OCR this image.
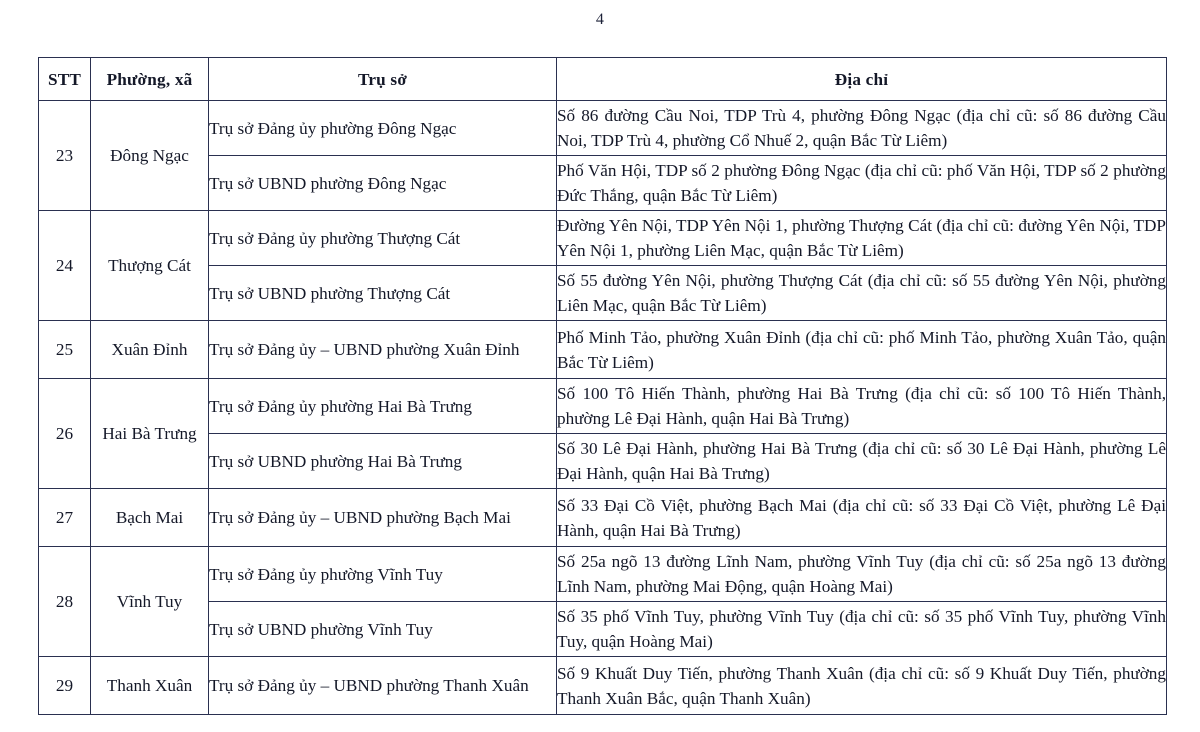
4
STT	Phường, xã	Trụ sở	Địa chỉ
23	Đông Ngạc	Trụ sở Đảng ủy phường Đông Ngạc	Số 86 đường Cầu Noi, TDP Trù 4, phường Đông Ngạc (địa chỉ cũ: số 86 đường Cầu Noi, TDP Trù 4, phường Cổ Nhuế 2, quận Bắc Từ Liêm)
		Trụ sở UBND phường Đông Ngạc	Phố Văn Hội, TDP số 2 phường Đông Ngạc (địa chỉ cũ: phố Văn Hội, TDP số 2 phường Đức Thắng, quận Bắc Từ Liêm)
24	Thượng Cát	Trụ sở Đảng ủy phường Thượng Cát	Đường Yên Nội, TDP Yên Nội 1, phường Thượng Cát (địa chỉ cũ: đường Yên Nội, TDP Yên Nội 1, phường Liên Mạc, quận Bắc Từ Liêm)
		Trụ sở UBND phường Thượng Cát	Số 55 đường Yên Nội, phường Thượng Cát (địa chỉ cũ: số 55 đường Yên Nội, phường Liên Mạc, quận Bắc Từ Liêm)
25	Xuân Đỉnh	Trụ sở Đảng ủy – UBND phường Xuân Đỉnh	Phố Minh Tảo, phường Xuân Đỉnh (địa chỉ cũ: phố Minh Tảo, phường Xuân Tảo, quận Bắc Từ Liêm)
26	Hai Bà Trưng	Trụ sở Đảng ủy phường Hai Bà Trưng	Số 100 Tô Hiến Thành, phường Hai Bà Trưng (địa chỉ cũ: số 100 Tô Hiến Thành, phường Lê Đại Hành, quận Hai Bà Trưng)
		Trụ sở UBND phường Hai Bà Trưng	Số 30 Lê Đại Hành, phường Hai Bà Trưng (địa chỉ cũ: số 30 Lê Đại Hành, phường Lê Đại Hành, quận Hai Bà Trưng)
27	Bạch Mai	Trụ sở Đảng ủy – UBND phường Bạch Mai	Số 33 Đại Cồ Việt, phường Bạch Mai (địa chỉ cũ: số 33 Đại Cồ Việt, phường Lê Đại Hành, quận Hai Bà Trưng)
28	Vĩnh Tuy	Trụ sở Đảng ủy phường Vĩnh Tuy	Số 25a ngõ 13 đường Lĩnh Nam, phường Vĩnh Tuy (địa chỉ cũ: số 25a ngõ 13 đường Lĩnh Nam, phường Mai Động, quận Hoàng Mai)
		Trụ sở UBND phường Vĩnh Tuy	Số 35 phố Vĩnh Tuy, phường Vĩnh Tuy (địa chỉ cũ: số 35 phố Vĩnh Tuy, phường Vĩnh Tuy, quận Hoàng Mai)
29	Thanh Xuân	Trụ sở Đảng ủy – UBND phường Thanh Xuân	Số 9 Khuất Duy Tiến, phường Thanh Xuân (địa chỉ cũ: số 9 Khuất Duy Tiến, phường Thanh Xuân Bắc, quận Thanh Xuân)
